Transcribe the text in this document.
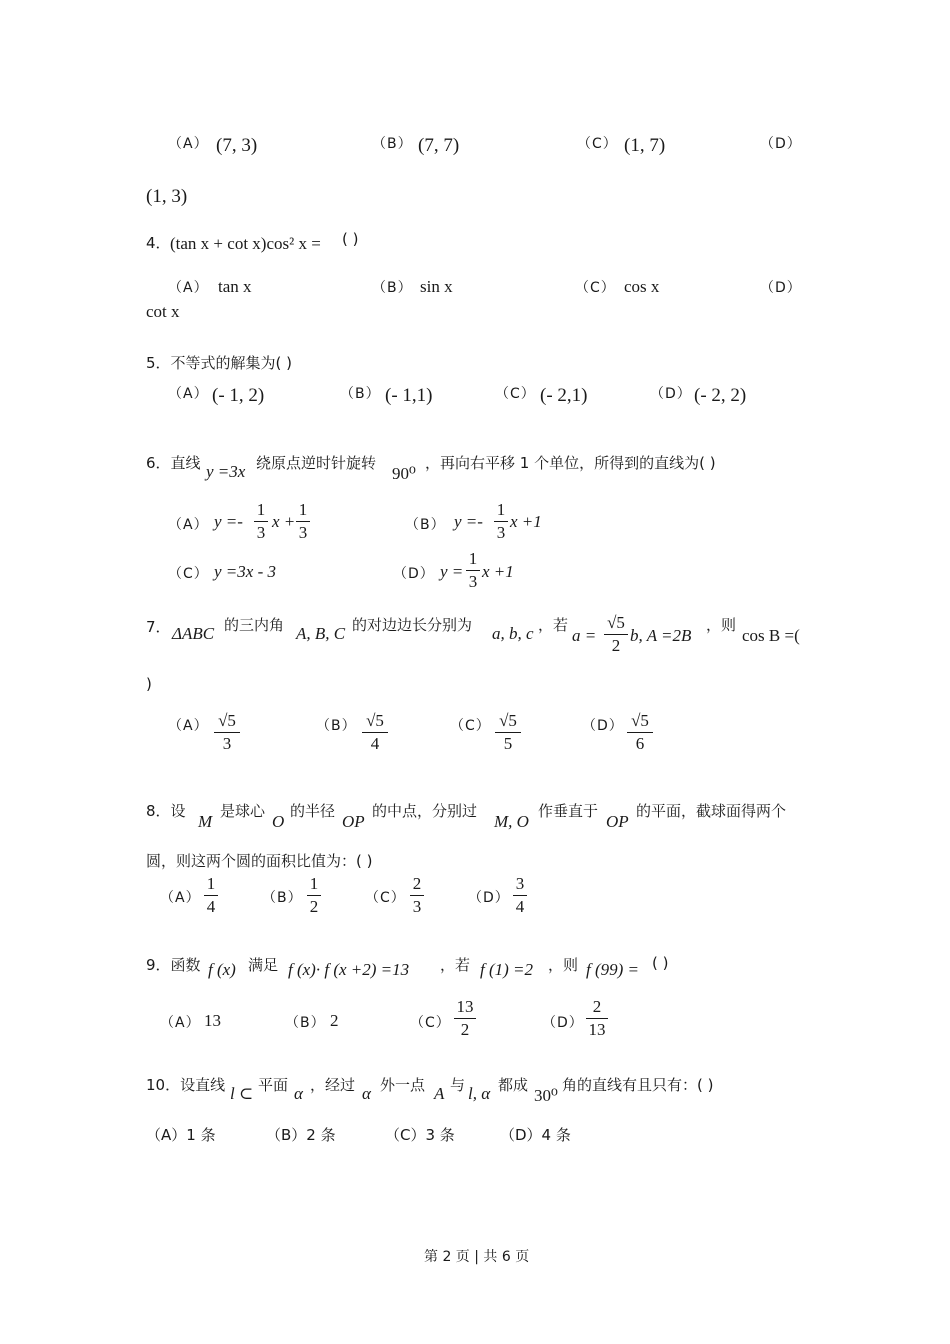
（A） (7, 3)	（B） (7, 7)	（C） (1, 7)	（D）
(1, 3)
4． (tan x + cot x)cos² x = ( )
（A） tan x	（B） sin x	（C） cos x	（D）
cot x
5．不等式的解集为( )
（A） (- 1, 2)	（B） (- 1,1)	（C） (- 2,1)	（D） (- 2, 2)
6．直线 y =3x 绕原点逆时针旋转
90⁰
，再向右平移 1 个单位，所得到的直线为( )
（A） y =-
1
3
x +
1
3	（B） y =-
1
3
x +1
（C） y =3x - 3	（D） y =
1
3
x +1
7． ΔABC 的三内角 A, B, C 的对边边长分别为 a, b, c ，若
a =
√5
2
b, A =2B
，则
cos B =(
)
（A） √5
3
（B） √5
4
（C） √5
5
（D） √5
6
8．设
M
是球心
O
的半径
OP
的中点，分别过
M, O
作垂直于
OP
的平面，截球面得两个
圆，则这两个圆的面积比值为：( )
（A）
1
4	（B）
1
2	（C）
2
3	（D）
3
4
9．函数 f (x) 满足 f (x)· f (x +2) =13 ，若 f (1) =2 ，则 f (99) = ( )
（A） 13	（B） 2	（C）
13
2	（D）
2
13
10．设直线 l ⊂ 平面 α ，经过 α 外一点 A 与 l, α 都成
30⁰
角的直线有且只有：( )
（A）1 条	（B）2 条	（C）3 条	（D）4 条
第 2 页 | 共 6 页
